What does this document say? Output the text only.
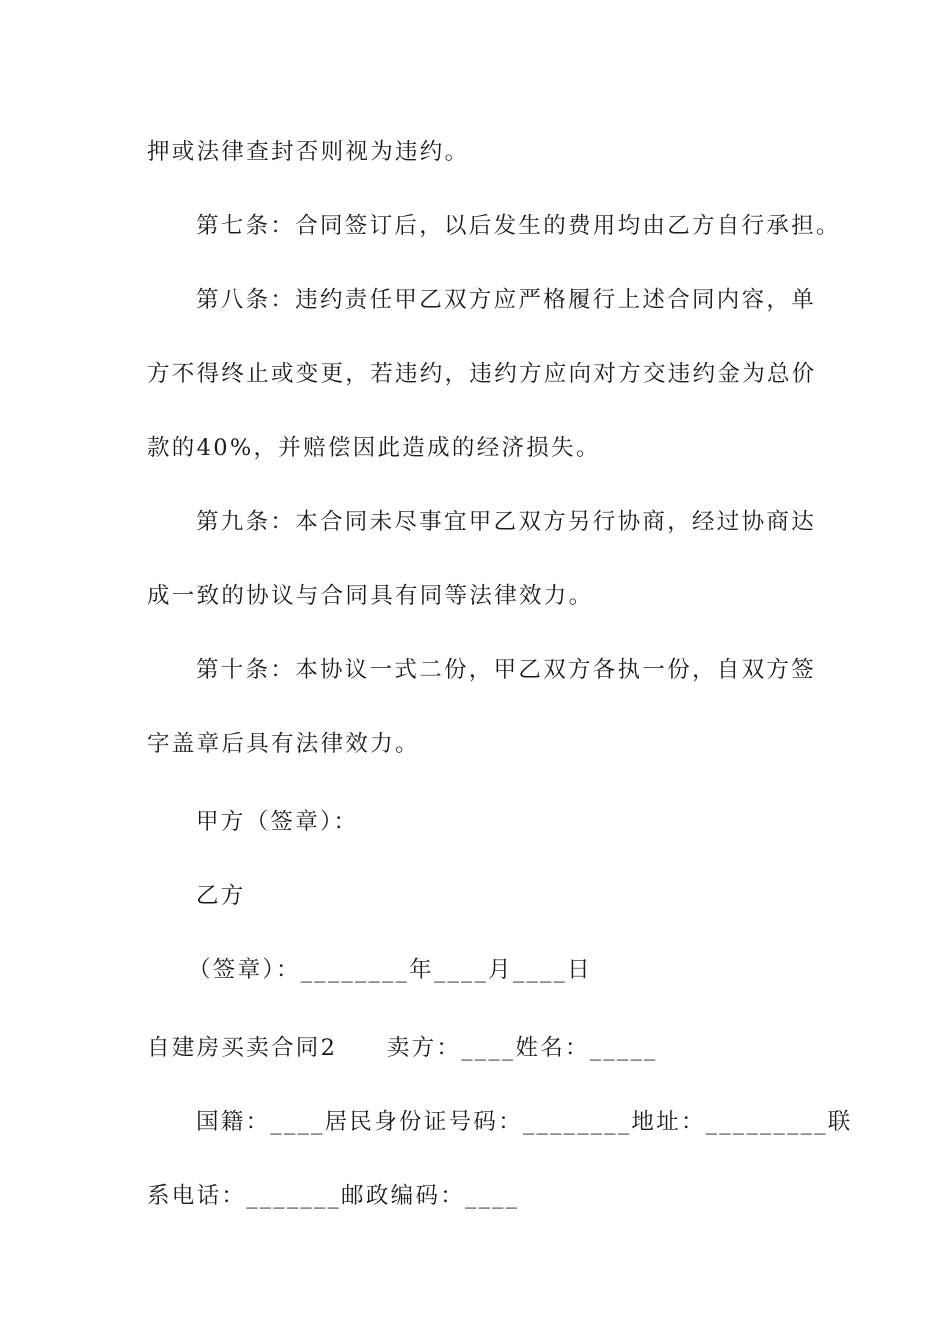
押或法律查封否则视为违约。
第七条：合同签订后，以后发生的费用均由乙方自行承担。
第八条：违约责任甲乙双方应严格履行上述合同内容，单
方不得终止或变更，若违约，违约方应向对方交违约金为总价
款的40%，并赔偿因此造成的经济损失。
第九条：本合同未尽事宜甲乙双方另行协商，经过协商达
成一致的协议与合同具有同等法律效力。
第十条：本协议一式二份，甲乙双方各执一份，自双方签
字盖章后具有法律效力。
甲方（签章）：
乙方
（签章）：________年____月____日
自建房买卖合同2　　卖方：____姓名：_____
国籍：____居民身份证号码：________地址：_________联
系电话：_______邮政编码：____
